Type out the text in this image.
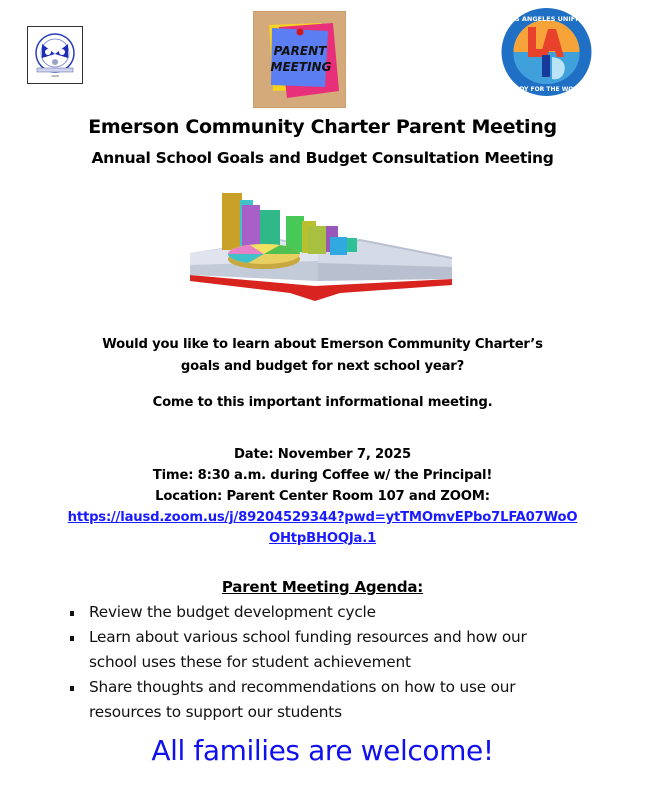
1926
PARENT
MEETING
LOS ANGELES UNIFIED
READY FOR THE WORLD
Emerson Community Charter Parent Meeting
Annual School Goals and Budget Consultation Meeting
Would you like to learn about Emerson Community Charter’s
goals and budget for next school year?
Come to this important informational meeting.
Date: November 7, 2025
Time: 8:30 a.m. during Coffee w/ the Principal!
Location: Parent Center Room 107 and ZOOM:
https://lausd.zoom.us/j/89204529344?pwd=ytTMOmvEPbo7LFA07WoO
OHtpBHOQJa.1
Parent Meeting Agenda:
Review the budget development cycle
Learn about various school funding resources and how our
school uses these for student achievement
Share thoughts and recommendations on how to use our
resources to support our students
All families are welcome!
